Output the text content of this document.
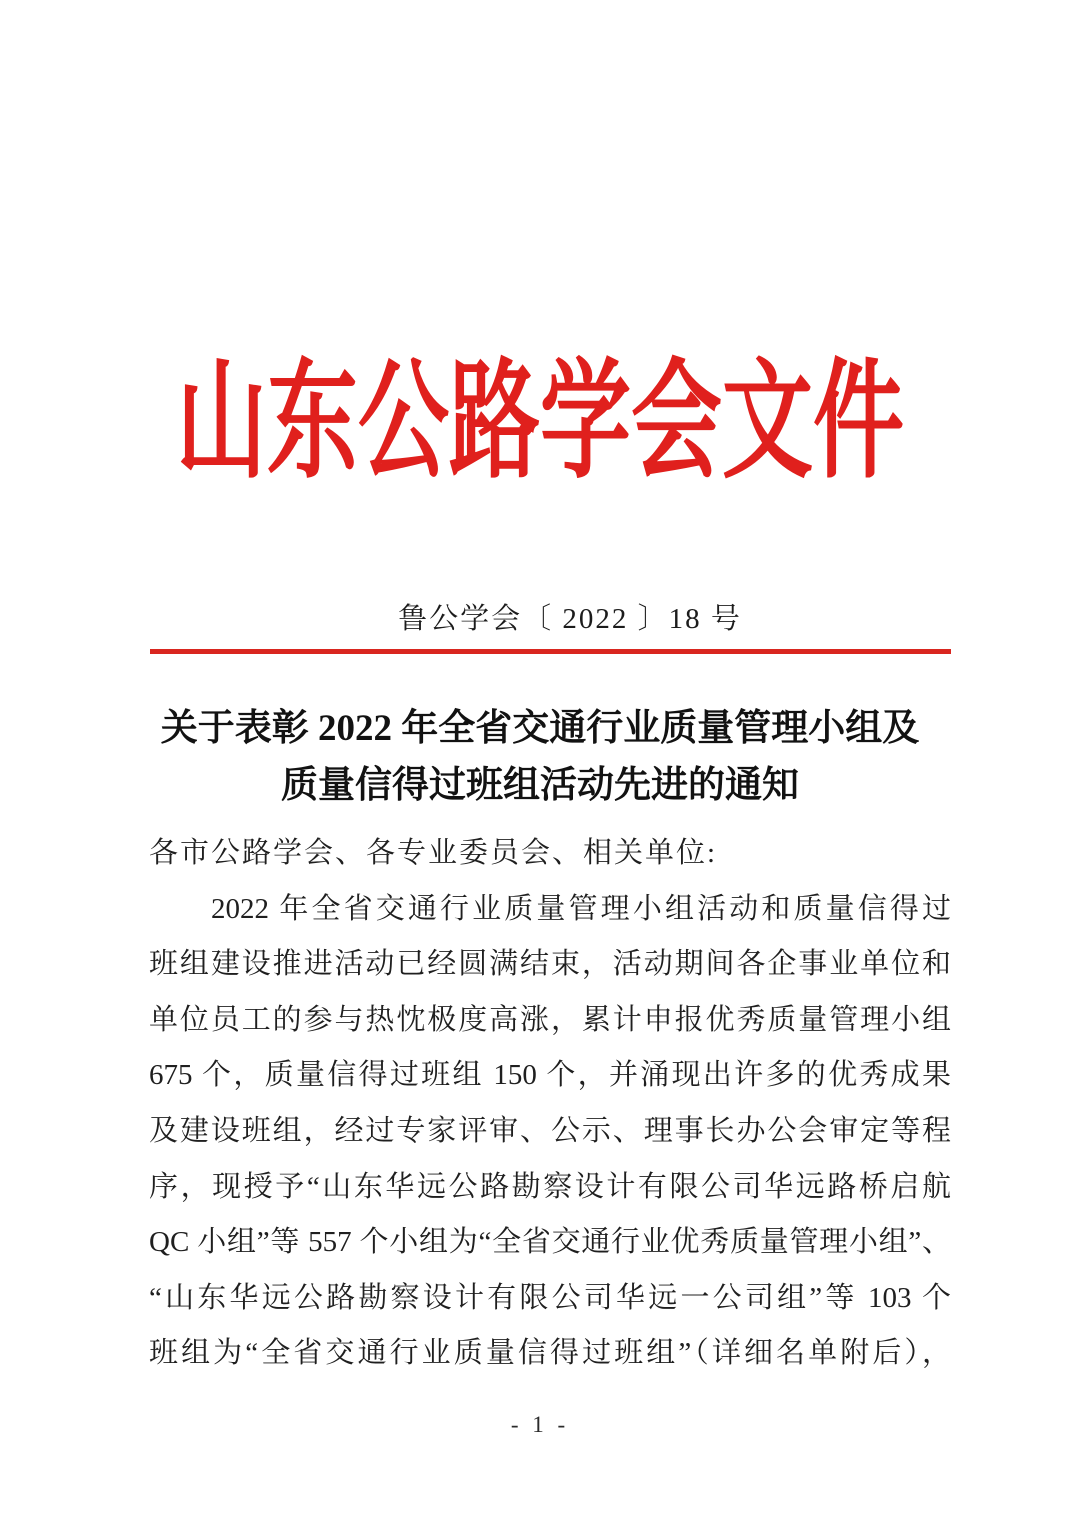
山东公路学会文件
鲁公学会〔 2022 〕18 号
关于表彰 2022 年全省交通行业质量管理小组及
质量信得过班组活动先进的通知
各市公路学会、各专业委员会、相关单位:
2022 年全省交通行业质量管理小组活动和质量信得过
班组建设推进活动已经圆满结束，活动期间各企事业单位和
单位员工的参与热忱极度高涨，累计申报优秀质量管理小组
675 个，质量信得过班组 150 个，并涌现出许多的优秀成果
及建设班组，经过专家评审、公示、理事长办公会审定等程
序，现授予“山东华远公路勘察设计有限公司华远路桥启航
QC 小组”等 557 个小组为“全省交通行业优秀质量管理小组”、
“山东华远公路勘察设计有限公司华远一公司组”等 103 个
班组为“全省交通行业质量信得过班组”（详细名单附后），
- 1 -
